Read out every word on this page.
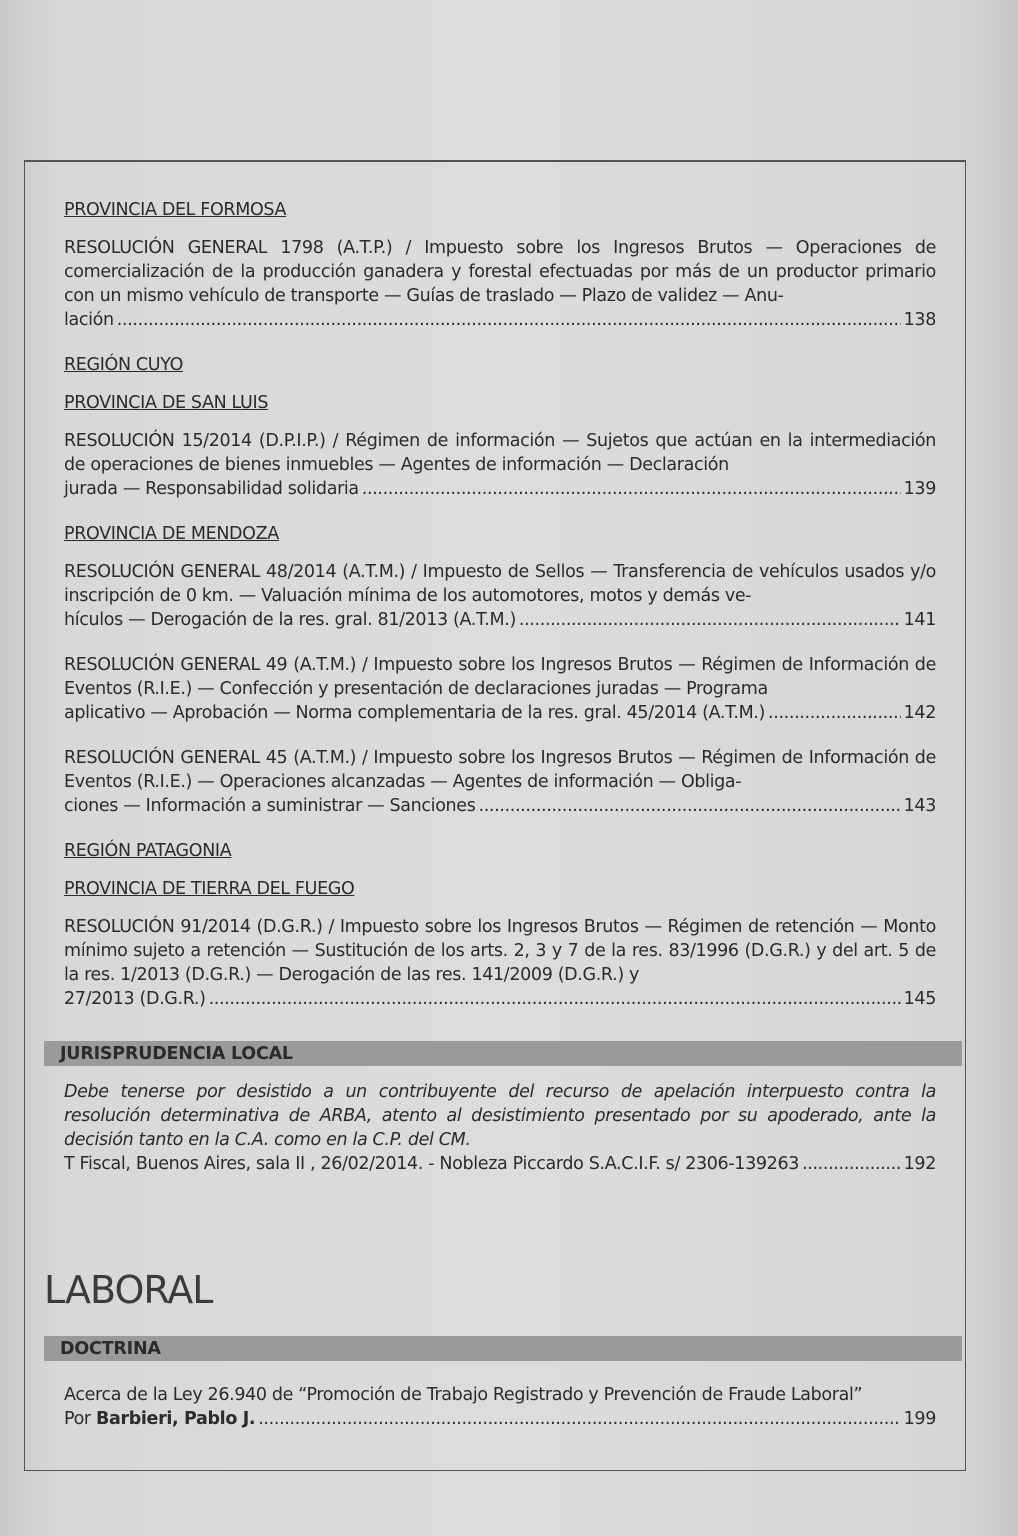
PROVINCIA DEL FORMOSA
RESOLUCIÓN GENERAL 1798 (A.T.P.) / Impuesto sobre los Ingresos Brutos — Operaciones de comercialización de la producción ganadera y forestal efectuadas por más de un productor primario con un mismo vehículo de transporte — Guías de traslado — Plazo de validez — Anu-
lación .....	138
REGIÓN CUYO
PROVINCIA DE SAN LUIS
RESOLUCIÓN 15/2014 (D.P.I.P.) / Régimen de información — Sujetos que actúan en la intermediación de operaciones de bienes inmuebles — Agentes de información — Declaración
jurada — Responsabilidad solidaria .....	139
PROVINCIA DE MENDOZA
RESOLUCIÓN GENERAL 48/2014 (A.T.M.) / Impuesto de Sellos — Transferencia de vehículos usados y/o inscripción de 0 km. — Valuación mínima de los automotores, motos y demás ve-
hículos — Derogación de la res. gral. 81/2013 (A.T.M.) .....	141
RESOLUCIÓN GENERAL 49 (A.T.M.) / Impuesto sobre los Ingresos Brutos — Régimen de Información de Eventos (R.I.E.) — Confección y presentación de declaraciones juradas — Programa
aplicativo — Aprobación — Norma complementaria de la res. gral. 45/2014 (A.T.M.) .....	142
RESOLUCIÓN GENERAL 45 (A.T.M.) / Impuesto sobre los Ingresos Brutos — Régimen de Información de Eventos (R.I.E.) — Operaciones alcanzadas — Agentes de información — Obliga-
ciones — Información a suministrar — Sanciones .....	143
REGIÓN PATAGONIA
PROVINCIA DE TIERRA DEL FUEGO
RESOLUCIÓN 91/2014 (D.G.R.) / Impuesto sobre los Ingresos Brutos — Régimen de retención — Monto mínimo sujeto a retención — Sustitución de los arts. 2, 3 y 7 de la res. 83/1996 (D.G.R.) y del art. 5 de la res. 1/2013 (D.G.R.) — Derogación de las res. 141/2009 (D.G.R.) y
27/2013 (D.G.R.) .....	145
JURISPRUDENCIA LOCAL
Debe tenerse por desistido a un contribuyente del recurso de apelación interpuesto contra la resolución determinativa de ARBA, atento al desistimiento presentado por su apoderado, ante la decisión tanto en la C.A. como en la C.P. del CM.
T Fiscal, Buenos Aires, sala II , 26/02/2014. - Nobleza Piccardo S.A.C.I.F. s/ 2306-139263 .....	192
LABORAL
DOCTRINA
Acerca de la Ley 26.940 de “Promoción de Trabajo Registrado y Prevención de Fraude Laboral”
Por Barbieri, Pablo J. .....	199
